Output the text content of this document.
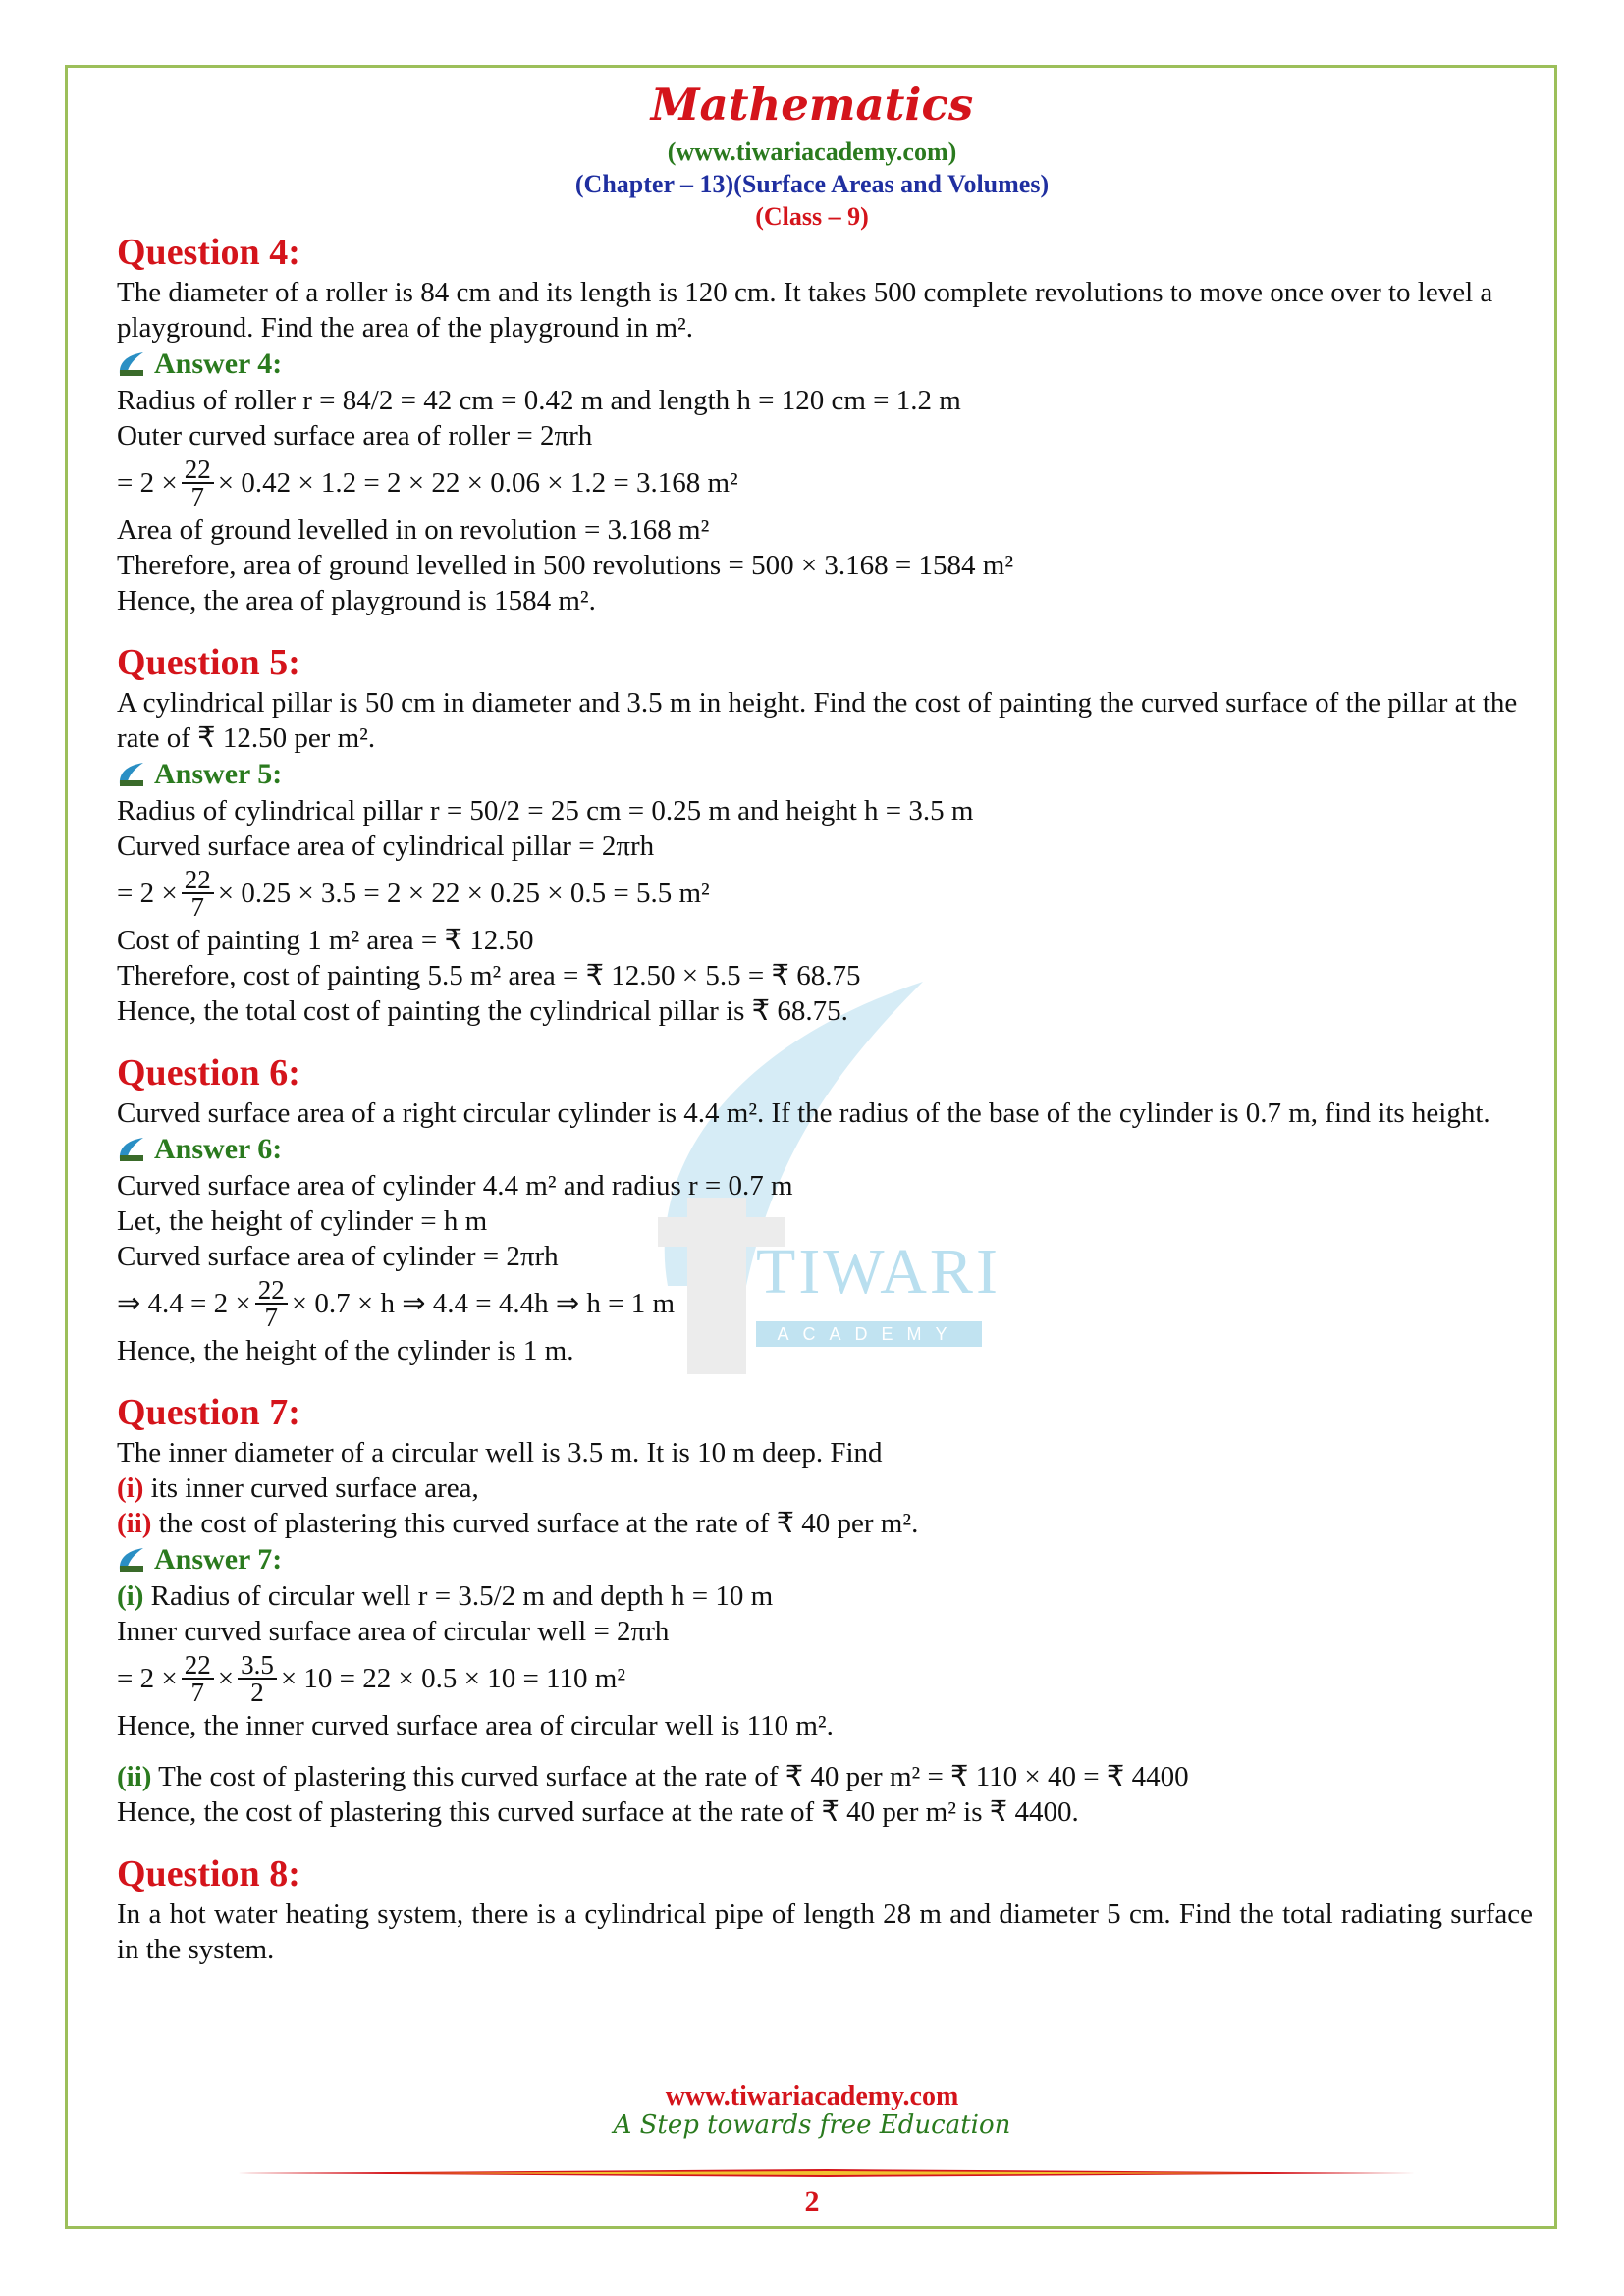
TIWARI
ACADEMY
Mathematics
(www.tiwariacademy.com)
(Chapter – 13)(Surface Areas and Volumes)
(Class – 9)
Question 4:
The diameter of a roller is 84 cm and its length is 120 cm. It takes 500 complete revolutions to move once over to level a playground. Find the area of the playground in m².
Answer 4:
Radius of roller r = 84/2 = 42 cm = 0.42 m and length h = 120 cm = 1.2 m
Outer curved surface area of roller = 2πrh
= $2 \times \frac{22}{7} \times 0.42 \times 1.2 = 2 \times 22 \times 0.06 \times 1.2 = 3.168$ m²
Area of ground levelled in on revolution = 3.168 m²
Therefore, area of ground levelled in 500 revolutions = 500 × 3.168 = 1584 m²
Hence, the area of playground is 1584 m².
Question 5:
A cylindrical pillar is 50 cm in diameter and 3.5 m in height. Find the cost of painting the curved surface of the pillar at the rate of ₹ 12.50 per m².
Answer 5:
Radius of cylindrical pillar r = 50/2 = 25 cm = 0.25 m and height h = 3.5 m
Curved surface area of cylindrical pillar = 2πrh
= $2 \times \frac{22}{7} \times 0.25 \times 3.5 = 2 \times 22 \times 0.25 \times 0.5 = 5.5$ m²
Cost of painting 1 m² area = ₹ 12.50
Therefore, cost of painting 5.5 m² area = ₹ 12.50 × 5.5 = ₹ 68.75
Hence, the total cost of painting the cylindrical pillar is ₹ 68.75.
Question 6:
Curved surface area of a right circular cylinder is 4.4 m². If the radius of the base of the cylinder is 0.7 m, find its height.
Answer 6:
Curved surface area of cylinder 4.4 m² and radius r = 0.7 m
Let, the height of cylinder = h m
Curved surface area of cylinder = 2πrh
⇒ $4.4 = 2 \times \frac{22}{7} \times 0.7 \times h$ ⇒ 4.4 = 4.4h ⇒ h = 1 m
Hence, the height of the cylinder is 1 m.
Question 7:
The inner diameter of a circular well is 3.5 m. It is 10 m deep. Find
(i) its inner curved surface area,
(ii) the cost of plastering this curved surface at the rate of ₹ 40 per m².
Answer 7:
(i) Radius of circular well r = 3.5/2 m and depth h = 10 m
Inner curved surface area of circular well = 2πrh
= $2 \times \frac{22}{7} \times \frac{3.5}{2} \times 10 = 22 \times 0.5 \times 10 = 110$ m²
Hence, the inner curved surface area of circular well is 110 m².
(ii) The cost of plastering this curved surface at the rate of ₹ 40 per m² = ₹ 110 × 40 = ₹ 4400
Hence, the cost of plastering this curved surface at the rate of ₹ 40 per m² is ₹ 4400.
Question 8:
In a hot water heating system, there is a cylindrical pipe of length 28 m and diameter 5 cm. Find the total radiating surface in the system.
www.tiwariacademy.com
A Step towards free Education
2
